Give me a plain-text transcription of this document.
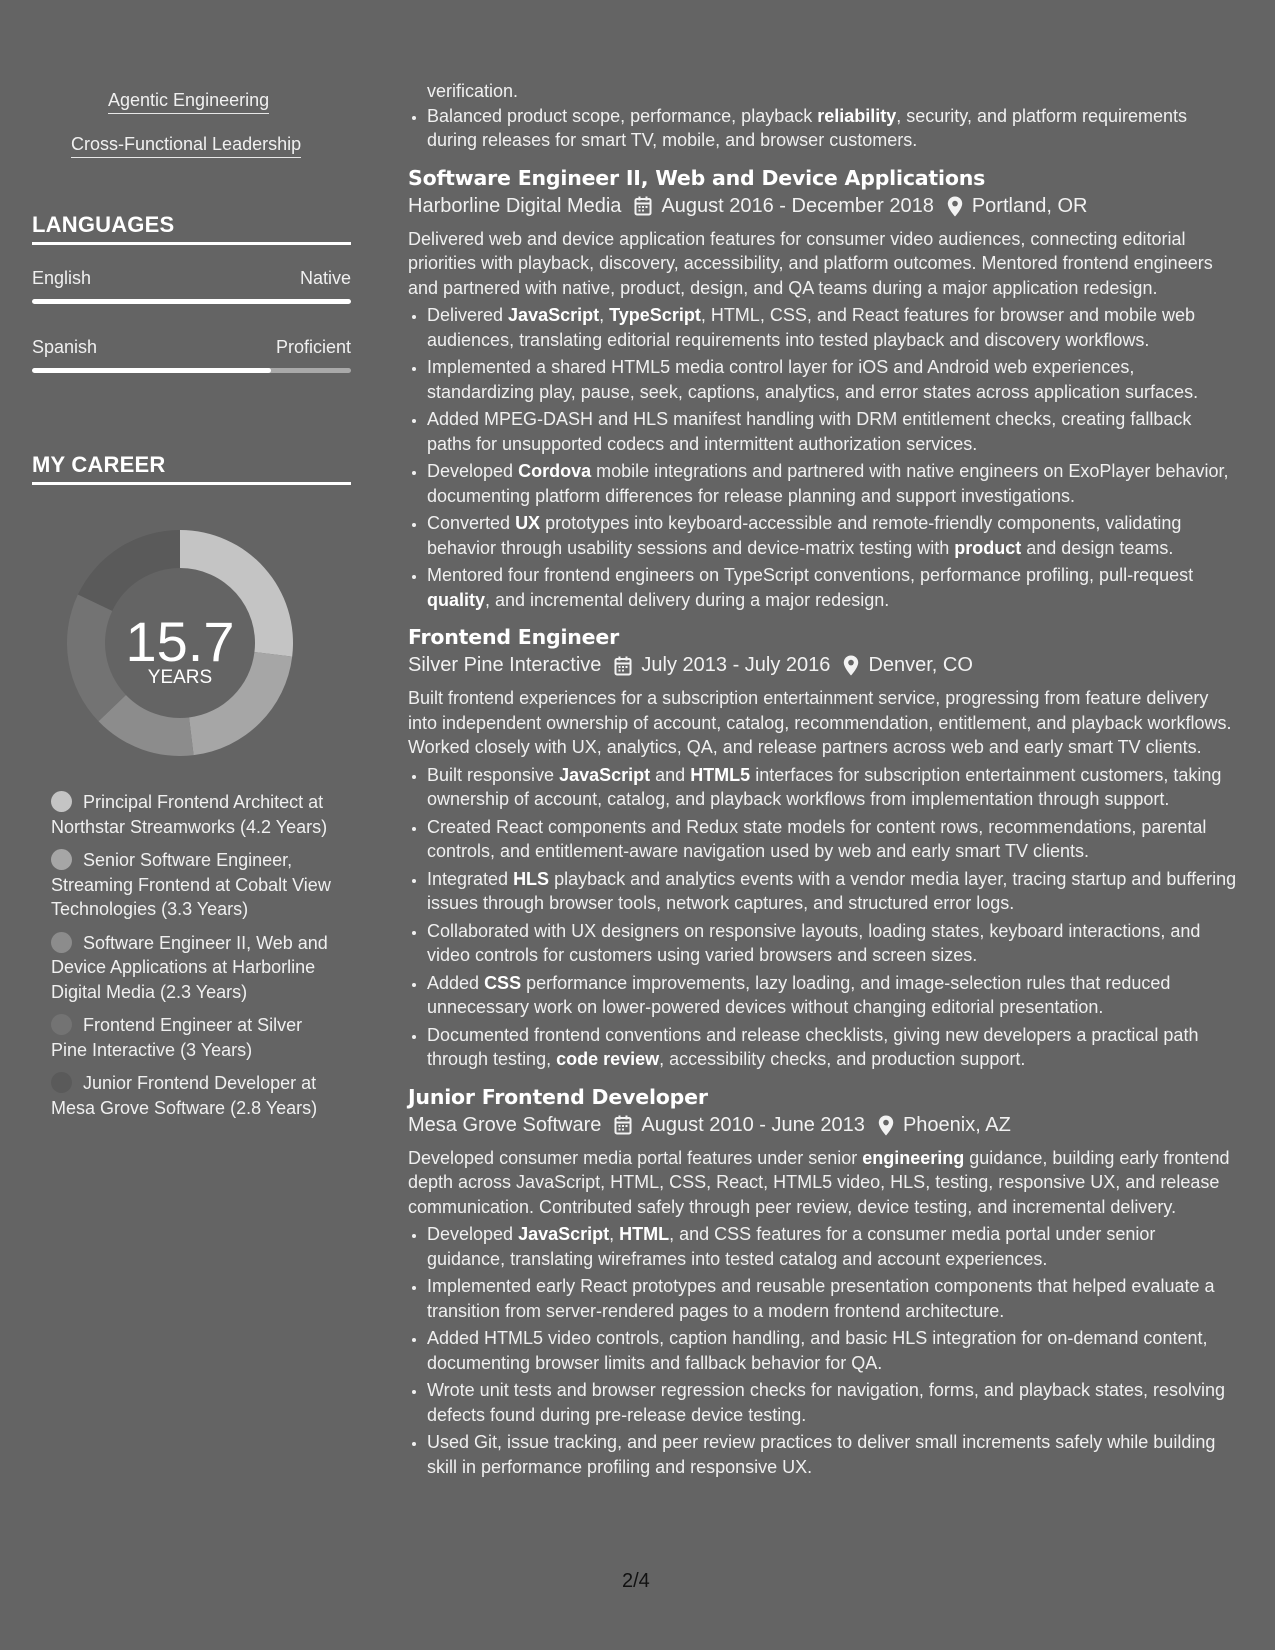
Agentic Engineering
Cross-Functional Leadership
LANGUAGES
English	Native
Spanish	Proficient
MY CAREER
15.7
YEARS
Principal Frontend Architect at Northstar Streamworks (4.2 Years)
Senior Software Engineer, Streaming Frontend at Cobalt View Technologies (3.3 Years)
Software Engineer II, Web and Device Applications at Harborline Digital Media (2.3 Years)
Frontend Engineer at Silver Pine Interactive (3 Years)
Junior Frontend Developer at Mesa Grove Software (2.8 Years)
verification.
• Balanced product scope, performance, playback reliability, security, and platform requirements during releases for smart TV, mobile, and browser customers.
Software Engineer II, Web and Device Applications
Harborline Digital Media August 2016 - December 2018 Portland, OR
Delivered web and device application features for consumer video audiences, connecting editorial priorities with playback, discovery, accessibility, and platform outcomes. Mentored frontend engineers and partnered with native, product, design, and QA teams during a major application redesign.
• Delivered JavaScript, TypeScript, HTML, CSS, and React features for browser and mobile web audiences, translating editorial requirements into tested playback and discovery workflows.
• Implemented a shared HTML5 media control layer for iOS and Android web experiences, standardizing play, pause, seek, captions, analytics, and error states across application surfaces.
• Added MPEG-DASH and HLS manifest handling with DRM entitlement checks, creating fallback paths for unsupported codecs and intermittent authorization services.
• Developed Cordova mobile integrations and partnered with native engineers on ExoPlayer behavior, documenting platform differences for release planning and support investigations.
• Converted UX prototypes into keyboard-accessible and remote-friendly components, validating behavior through usability sessions and device-matrix testing with product and design teams.
• Mentored four frontend engineers on TypeScript conventions, performance profiling, pull-request quality, and incremental delivery during a major redesign.
Frontend Engineer
Silver Pine Interactive July 2013 - July 2016 Denver, CO
Built frontend experiences for a subscription entertainment service, progressing from feature delivery into independent ownership of account, catalog, recommendation, entitlement, and playback workflows. Worked closely with UX, analytics, QA, and release partners across web and early smart TV clients.
• Built responsive JavaScript and HTML5 interfaces for subscription entertainment customers, taking ownership of account, catalog, and playback workflows from implementation through support.
• Created React components and Redux state models for content rows, recommendations, parental controls, and entitlement-aware navigation used by web and early smart TV clients.
• Integrated HLS playback and analytics events with a vendor media layer, tracing startup and buffering issues through browser tools, network captures, and structured error logs.
• Collaborated with UX designers on responsive layouts, loading states, keyboard interactions, and video controls for customers using varied browsers and screen sizes.
• Added CSS performance improvements, lazy loading, and image-selection rules that reduced unnecessary work on lower-powered devices without changing editorial presentation.
• Documented frontend conventions and release checklists, giving new developers a practical path through testing, code review, accessibility checks, and production support.
Junior Frontend Developer
Mesa Grove Software August 2010 - June 2013 Phoenix, AZ
Developed consumer media portal features under senior engineering guidance, building early frontend depth across JavaScript, HTML, CSS, React, HTML5 video, HLS, testing, responsive UX, and release communication. Contributed safely through peer review, device testing, and incremental delivery.
• Developed JavaScript, HTML, and CSS features for a consumer media portal under senior guidance, translating wireframes into tested catalog and account experiences.
• Implemented early React prototypes and reusable presentation components that helped evaluate a transition from server-rendered pages to a modern frontend architecture.
• Added HTML5 video controls, caption handling, and basic HLS integration for on-demand content, documenting browser limits and fallback behavior for QA.
• Wrote unit tests and browser regression checks for navigation, forms, and playback states, resolving defects found during pre-release device testing.
• Used Git, issue tracking, and peer review practices to deliver small increments safely while building skill in performance profiling and responsive UX.
2/4
